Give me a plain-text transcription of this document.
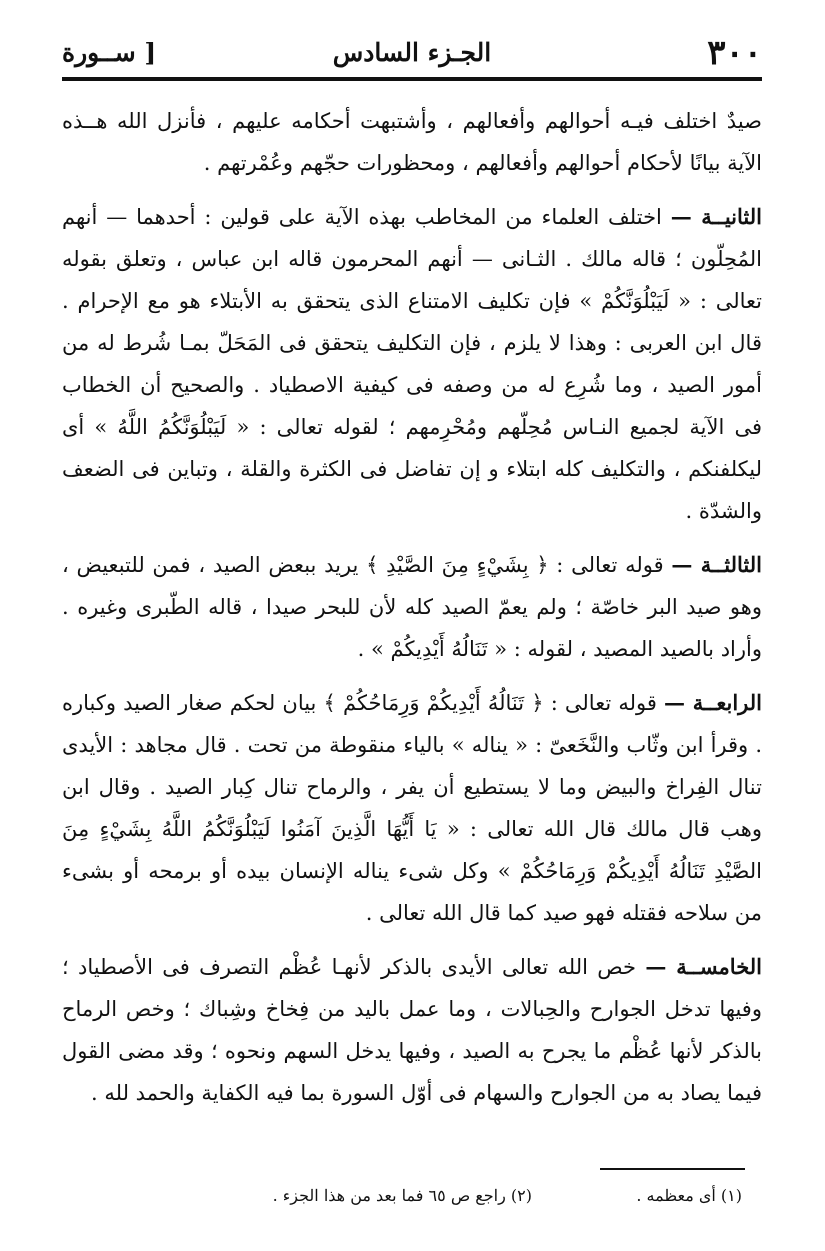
٣٠٠
الجـزء السادس
[ ســورة

صيدٌ اختلف فيـه أحوالهم وأفعالهم ، وأشتبهت أحكامه عليهم ، فأنزل الله هــذه الآية بيانًا لأحكام أحوالهم وأفعالهم ، ومحظورات حجّهم وعُمْرتهم .

الثانيــة — اختلف العلماء من المخاطب بهذه الآية على قولين : أحدهما — أنهم المُحِلّون ؛ قاله مالك . الثـانى — أنهم المحرمون قاله ابن عباس ، وتعلق بقوله تعالى : « لَيَبْلُوَنَّكُمْ » فإن تكليف الامتناع الذى يتحقق به الأبتلاء هو مع الإحرام . قال ابن العربى : وهذا لا يلزم ، فإن التكليف يتحقق فى المَحَلّ بمـا شُرط له من أمور الصيد ، وما شُرِع له من وصفه فى كيفية الاصطياد . والصحيح أن الخطاب فى الآية لجميع النـاس مُحِلّهم ومُحْرِمهم ؛ لقوله تعالى : « لَيَبْلُوَنَّكُمُ اللَّهُ » أى ليكلفنكم ، والتكليف كله ابتلاء و إن تفاضل فى الكثرة والقلة ، وتباين فى الضعف والشدّة .

الثالثــة — قوله تعالى : ﴿ بِشَيْءٍ مِنَ الصَّيْدِ ﴾ يريد ببعض الصيد ، فمن للتبعيض ، وهو صيد البر خاصّة ؛ ولم يعمّ الصيد كله لأن للبحر صيدا ، قاله الطّبرى وغيره . وأراد بالصيد المصيد ، لقوله : « تَنَالُهُ أَيْدِيكُمْ » .

الرابعــة — قوله تعالى : ﴿ تَنَالُهُ أَيْدِيكُمْ وَرِمَاحُكُمْ ﴾ بيان لحكم صغار الصيد وكباره . وقرأ ابن وثّاب والنَّخَعىّ : « يناله » بالياء منقوطة من تحت . قال مجاهد : الأيدى تنال الفِراخ والبيض وما لا يستطيع أن يفر ، والرماح تنال كِبار الصيد . وقال ابن وهب قال مالك قال الله تعالى : « يَا أَيُّهَا الَّذِينَ آمَنُوا لَيَبْلُوَنَّكُمُ اللَّهُ بِشَيْءٍ مِنَ الصَّيْدِ تَنَالُهُ أَيْدِيكُمْ وَرِمَاحُكُمْ » وكل شىء يناله الإنسان بيده أو برمحه أو بشىء من سلاحه فقتله فهو صيد كما قال الله تعالى .

الخامســة — خص الله تعالى الأيدى بالذكر لأنهـا عُظْم التصرف فى الأصطياد ؛ وفيها تدخل الجوارح والحِبالات ، وما عمل باليد من فِخاخ وشِباك ؛ وخص الرماح بالذكر لأنها عُظْم ما يجرح به الصيد ، وفيها يدخل السهم ونحوه ؛ وقد مضى القول فيما يصاد به من الجوارح والسهام فى أوّل السورة بما فيه الكفاية والحمد لله .

(١) أى معظمه .
(٢) راجع ص ٦٥ فما بعد من هذا الجزء .
